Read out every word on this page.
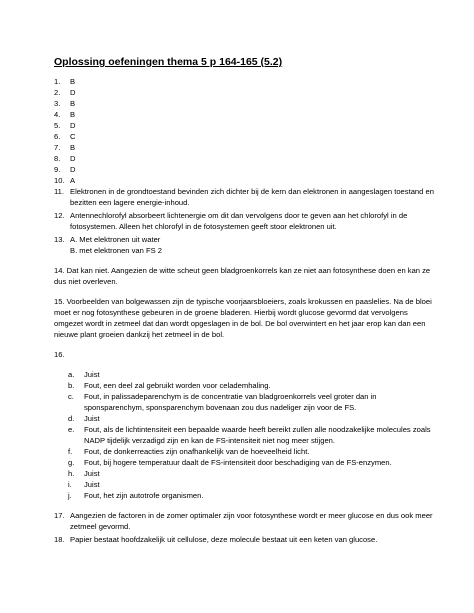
Oplossing oefeningen thema 5 p 164-165 (5.2)
1. B
2. D
3. B
4. B
5. D
6. C
7. B
8. D
9. D
10. A
11. Elektronen in de grondtoestand bevinden zich dichter bij de kern dan elektronen in aangeslagen toestand en bezitten een lagere energie-inhoud.
12. Antennechlorofyl absorbeert lichtenergie om dit dan vervolgens door te geven aan het chlorofyl in de fotosystemen. Alleen het chlorofyl in de fotosystemen geeft stoor elektronen uit.
13. A. Met elektronen uit water
B. met elektronen van FS 2

14. Dat kan niet. Aangezien de witte scheut geen bladgroenkorrels kan ze niet aan fotosynthese doen en kan ze dus niet overleven.

15. Voorbeelden van bolgewassen zijn de typische voorjaarsbloeiers, zoals krokussen en paaslelies. Na de bloei moet er nog fotosynthese gebeuren in de groene bladeren. Hierbij wordt glucose gevormd dat vervolgens omgezet wordt in zetmeel dat dan wordt opgeslagen in de bol. De bol overwintert en het jaar erop kan dan een nieuwe plant groeien dankzij het zetmeel in de bol.

16.

a. Juist
b. Fout, een deel zal gebruikt worden voor celademhaling.
c. Fout, in palissadeparenchym is de concentratie van bladgroenkorrels veel groter dan in sponsparenchym, sponsparenchym bovenaan zou dus nadeliger zijn voor de FS.
d. Juist
e. Fout, als de lichtintensiteit een bepaalde waarde heeft bereikt zullen alle noodzakelijke molecules zoals NADP tijdelijk verzadigd zijn en kan de FS-intensiteit niet nog meer stijgen.
f. Fout, de donkerreacties zijn onafhankelijk van de hoeveelheid licht.
g. Fout, bij hogere temperatuur daalt de FS-intensiteit door beschadiging van de FS-enzymen.
h. Juist
i. Juist
j. Fout, het zijn autotrofe organismen.
17. Aangezien de factoren in de zomer optimaler zijn voor fotosynthese wordt er meer glucose en dus ook meer zetmeel gevormd.
18. Papier bestaat hoofdzakelijk uit cellulose, deze molecule bestaat uit een keten van glucose.
